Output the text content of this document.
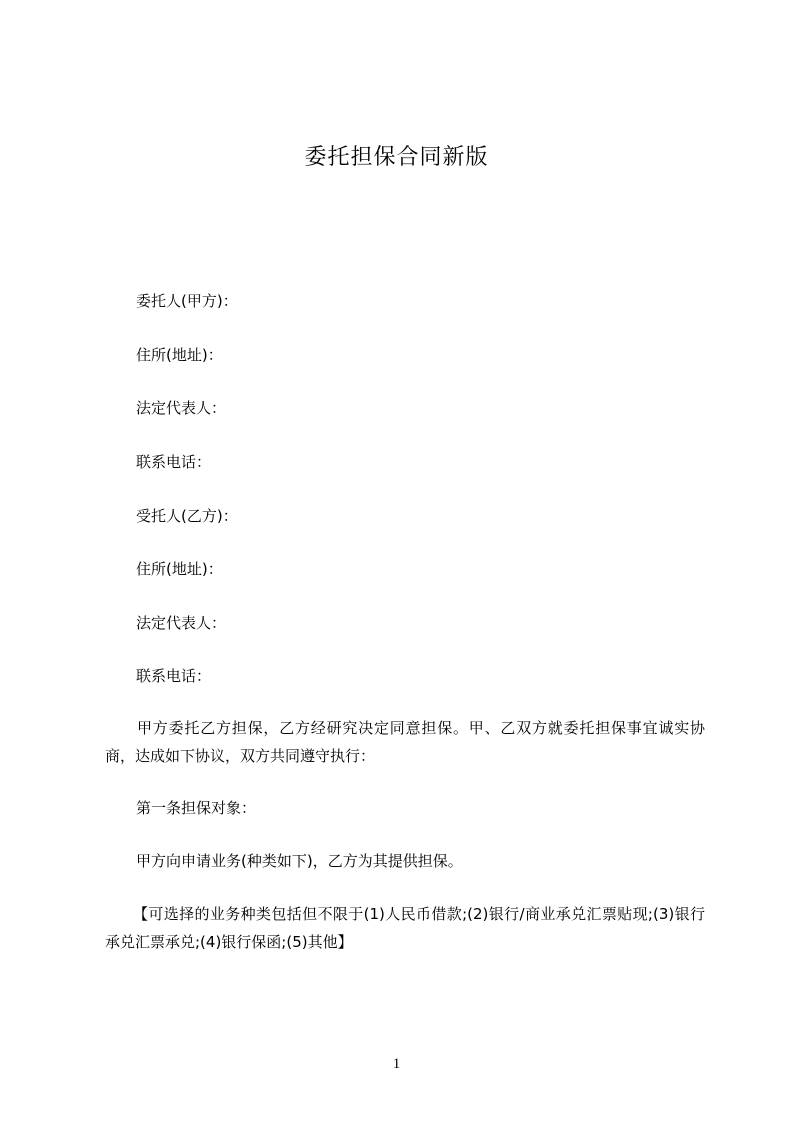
委托担保合同新版
委托人(甲方)：
住所(地址)：
法定代表人：
联系电话：
受托人(乙方)：
住所(地址)：
法定代表人：
联系电话：
甲方委托乙方担保，乙方经研究决定同意担保。甲、乙双方就委托担保事宜诚实协商，达成如下协议，双方共同遵守执行：
第一条担保对象：
甲方向申请业务(种类如下)，乙方为其提供担保。
【可选择的业务种类包括但不限于(1)人民币借款;(2)银行/商业承兑汇票贴现;(3)银行承兑汇票承兑;(4)银行保函;(5)其他】
1
